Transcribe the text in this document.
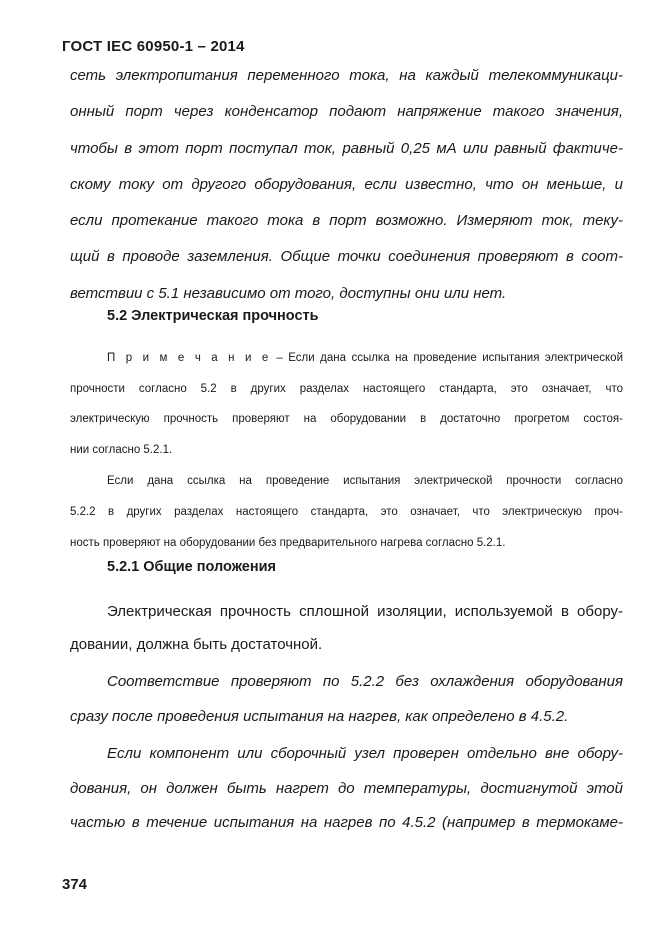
ГОСТ IEC 60950-1 – 2014
сеть электропитания переменного тока, на каждый телекоммуникаци-
онный порт через конденсатор подают напряжение такого значения,
чтобы в этот порт поступал ток, равный 0,25 мА или равный фактиче-
скому току от другого оборудования, если известно, что он меньше, и
если протекание такого тока в порт возможно. Измеряют ток, теку-
щий в проводе заземления. Общие точки соединения проверяют в соот-
ветствии с 5.1 независимо от того, доступны они или нет.
5.2 Электрическая прочность
П р и м е ч а н и е – Если дана ссылка на проведение испытания электрической
прочности согласно 5.2 в других разделах настоящего стандарта, это означает, что
электрическую прочность проверяют на оборудовании в достаточно прогретом состоя-
нии согласно 5.2.1.
Если дана ссылка на проведение испытания электрической прочности согласно
5.2.2 в других разделах настоящего стандарта, это означает, что электрическую проч-
ность проверяют на оборудовании без предварительного нагрева согласно 5.2.1.
5.2.1 Общие положения
Электрическая прочность сплошной изоляции, используемой в обору-
довании, должна быть достаточной.
Соответствие проверяют по 5.2.2 без охлаждения оборудования
сразу после проведения испытания на нагрев, как определено в 4.5.2.
Если компонент или сборочный узел проверен отдельно вне обору-
дования, он должен быть нагрет до температуры, достигнутой этой
частью в течение испытания на нагрев по 4.5.2 (например в термокаме-
374
